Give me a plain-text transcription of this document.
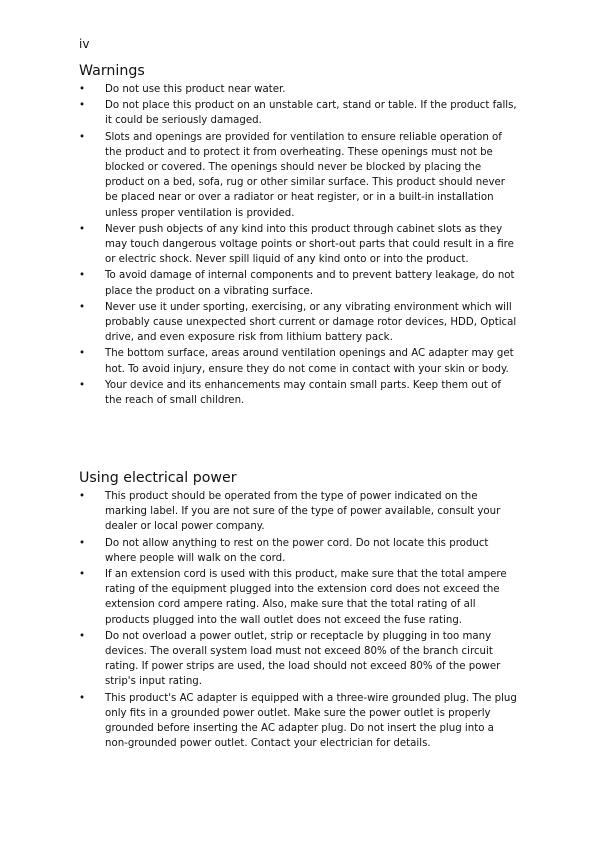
iv
Warnings
•	Do not use this product near water.
•	Do not place this product on an unstable cart, stand or table. If the product falls, it could be seriously damaged.
•	Slots and openings are provided for ventilation to ensure reliable operation of the product and to protect it from overheating. These openings must not be blocked or covered. The openings should never be blocked by placing the product on a bed, sofa, rug or other similar surface. This product should never be placed near or over a radiator or heat register, or in a built-in installation unless proper ventilation is provided.
•	Never push objects of any kind into this product through cabinet slots as they may touch dangerous voltage points or short-out parts that could result in a fire or electric shock. Never spill liquid of any kind onto or into the product.
•	To avoid damage of internal components and to prevent battery leakage, do not place the product on a vibrating surface.
•	Never use it under sporting, exercising, or any vibrating environment which will probably cause unexpected short current or damage rotor devices, HDD, Optical drive, and even exposure risk from lithium battery pack.
•	The bottom surface, areas around ventilation openings and AC adapter may get hot. To avoid injury, ensure they do not come in contact with your skin or body.
•	Your device and its enhancements may contain small parts. Keep them out of the reach of small children.
Using electrical power
•	This product should be operated from the type of power indicated on the marking label. If you are not sure of the type of power available, consult your dealer or local power company.
•	Do not allow anything to rest on the power cord. Do not locate this product where people will walk on the cord.
•	If an extension cord is used with this product, make sure that the total ampere rating of the equipment plugged into the extension cord does not exceed the extension cord ampere rating. Also, make sure that the total rating of all products plugged into the wall outlet does not exceed the fuse rating.
•	Do not overload a power outlet, strip or receptacle by plugging in too many devices. The overall system load must not exceed 80% of the branch circuit rating. If power strips are used, the load should not exceed 80% of the power strip's input rating.
•	This product's AC adapter is equipped with a three-wire grounded plug. The plug only fits in a grounded power outlet. Make sure the power outlet is properly grounded before inserting the AC adapter plug. Do not insert the plug into a non-grounded power outlet. Contact your electrician for details.
